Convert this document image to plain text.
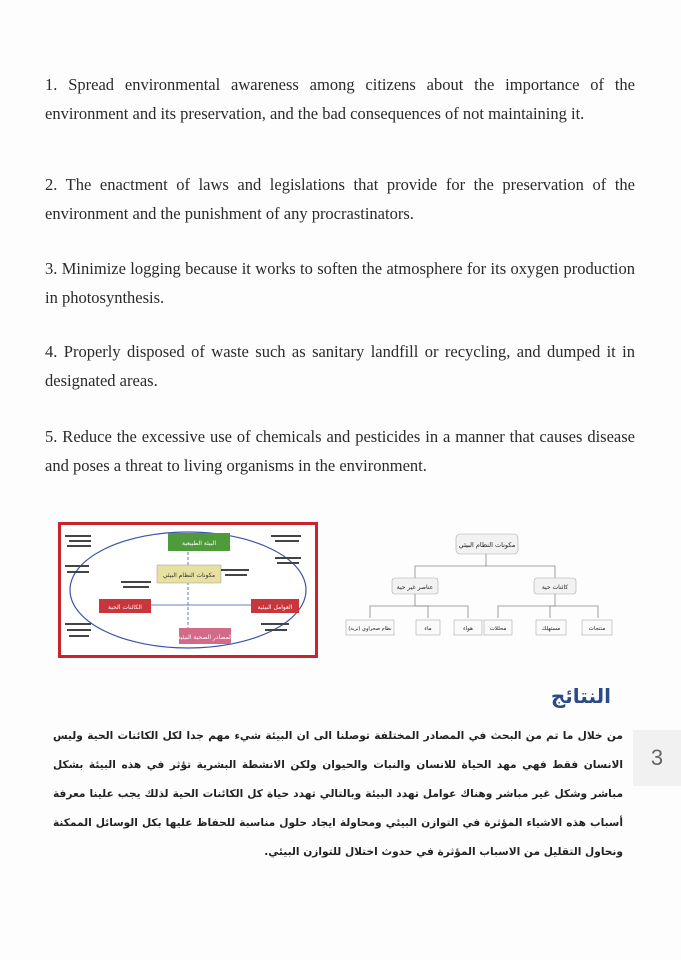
1. Spread environmental awareness among citizens about the importance of the environment and its preservation, and the bad consequences of not maintaining it.

2. The enactment of laws and legislations that provide for the preservation of the environment and the punishment of any procrastinators.

3. Minimize logging because it works to soften the atmosphere for its oxygen production in photosynthesis.

4. Properly disposed of waste such as sanitary landfill or recycling, and dumped it in designated areas.

5. Reduce the excessive use of chemicals and pesticides in a manner that causes disease and poses a threat to living organisms in the environment.

البيئة الطبيعية
مكونات النظام البيئي
الكائنات الحية	العوامل البيئية
المصادر الصحية البيئية
مكونات النظام البيئي
عناصر غير حية	كائنات حية
نظام صحراوي (تربة)	ماء	هواء	محللات	مستهلك	منتجات
النتائج

من خلال ما تم من البحث في المصادر المختلفة توصلنا الى ان البيئة شيء مهم جدا لكل الكائنات الحية وليس الانسان فقط فهي مهد الحياة للانسان والنبات والحيوان ولكن الانشطة البشرية تؤثر في هذه البيئة بشكل مباشر وشكل غير مباشر وهناك عوامل تهدد البيئة وبالتالي تهدد حياة كل الكائنات الحية لذلك يجب علينا معرفة أسباب هذه الاشياء المؤثرة في التوازن البيئي ومحاولة ايجاد حلول مناسبة للحفاظ عليها بكل الوسائل الممكنة ونحاول التقليل من الاسباب المؤثرة في حدوث اختلال للتوازن البيئي.

3
